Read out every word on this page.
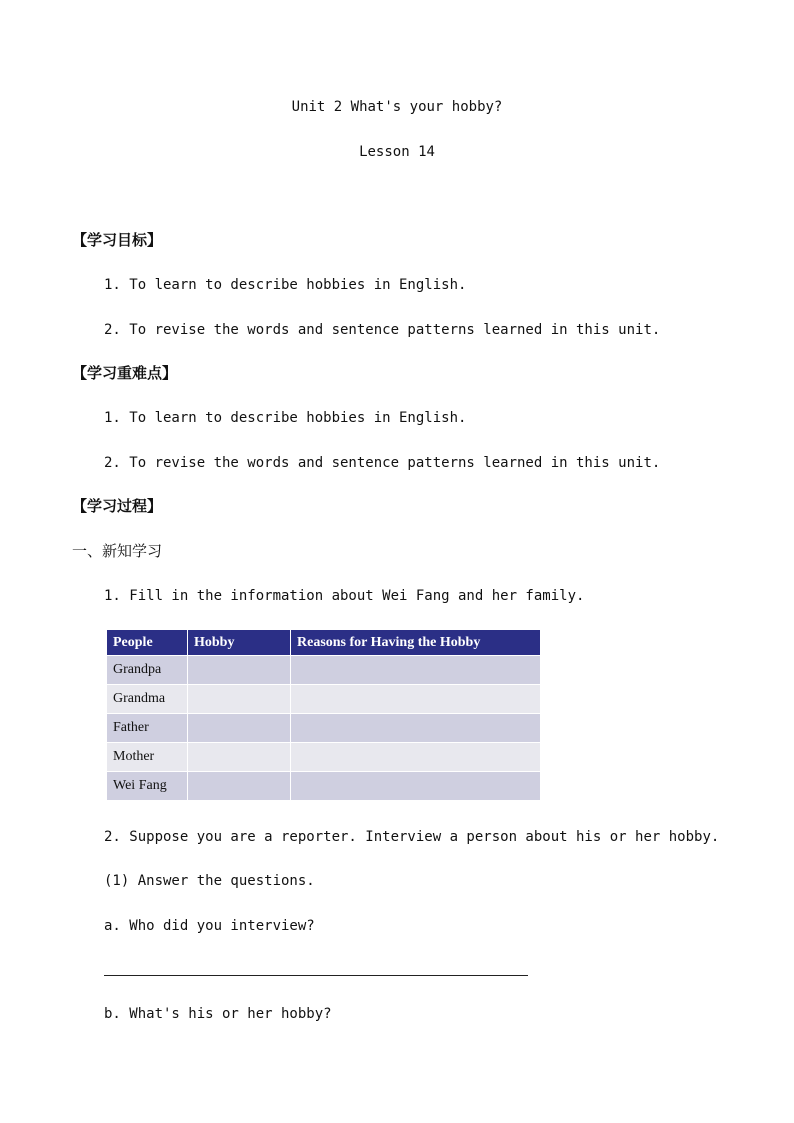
Unit 2 What's your hobby?
Lesson 14
【学习目标】
1. To learn to describe hobbies in English.
2. To revise the words and sentence patterns learned in this unit.
【学习重难点】
1. To learn to describe hobbies in English.
2. To revise the words and sentence patterns learned in this unit.
【学习过程】
一、新知学习
1. Fill in the information about Wei Fang and her family.
People	Hobby	Reasons for Having the Hobby
Grandpa		
Grandma		
Father		
Mother		
Wei Fang		
2. Suppose you are a reporter. Interview a person about his or her hobby.
(1) Answer the questions.
a. Who did you interview?
b. What's his or her hobby?
